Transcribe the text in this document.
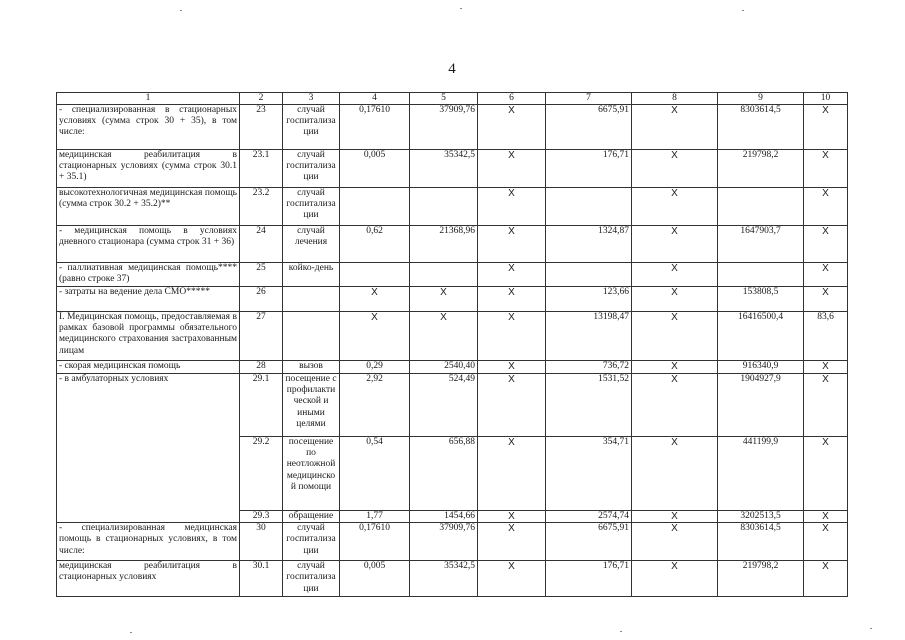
4
1	2	3	4	5	6	7	8	9	10
- специализированная в стационарных условиях (сумма строк 30 + 35), в том числе:	23	случай госпитализации	0,17610	37909,76	Х	6675,91	Х	8303614,5	Х
медицинская реабилитация в стационарных условиях (сумма строк 30.1 + 35.1)	23.1	случай госпитализации	0,005	35342,5	Х	176,71	Х	219798,2	Х
высокотехнологичная медицинская помощь (сумма строк 30.2 + 35.2)**	23.2	случай госпитализации			Х		Х		Х
- медицинская помощь в условиях дневного стационара (сумма строк 31 + 36)	24	случай лечения	0,62	21368,96	Х	1324,87	Х	1647903,7	Х
- паллиативная медицинская помощь**** (равно строке 37)	25	койко-день			Х		Х		Х
- затраты на ведение дела СМО*****	26		Х	Х	Х	123,66	Х	153808,5	Х
I. Медицинская помощь, предоставляемая в рамках базовой программы обязательного медицинского страхования застрахованным лицам	27		Х	Х	Х	13198,47	Х	16416500,4	83,6
- скорая медицинская помощь	28	вызов	0,29	2540,40	Х	736,72	Х	916340,9	Х
- в амбулаторных условиях	29.1	посещение с профилактической и иными целями	2,92	524,49	Х	1531,52	Х	1904927,9	Х
	29.2	посещение по неотложной медицинской помощи	0,54	656,88	Х	354,71	Х	441199,9	Х
	29.3	обращение	1,77	1454,66	Х	2574,74	Х	3202513,5	Х
- специализированная медицинская помощь в стационарных условиях, в том числе:	30	случай госпитализации	0,17610	37909,76	Х	6675,91	Х	8303614,5	Х
медицинская реабилитация в стационарных условиях	30.1	случай госпитализации	0,005	35342,5	Х	176,71	Х	219798,2	Х
